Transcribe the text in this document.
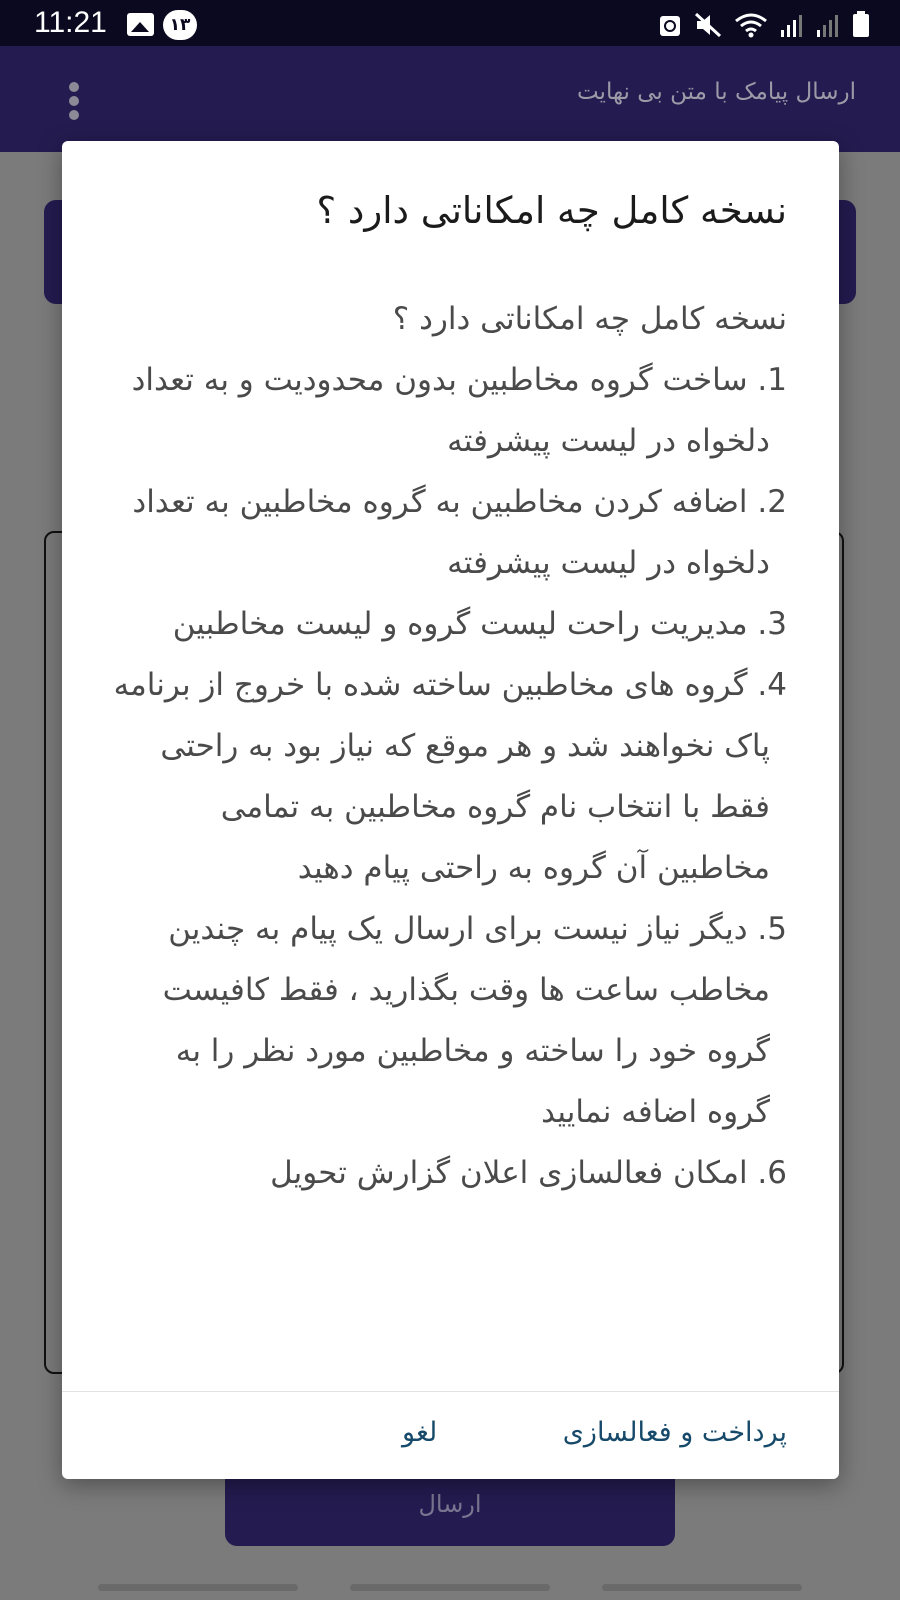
11:21	١٣
ارسال پیامک با متن بی نهایت
ارسال
نسخه کامل چه امکاناتی دارد ؟

نسخه کامل چه امکاناتی دارد ؟

1. ساخت گروه مخاطبین بدون محدودیت و به تعداد دلخواه در لیست پیشرفته

2. اضافه کردن مخاطبین به گروه مخاطبین به تعداد دلخواه در لیست پیشرفته

3. مدیریت راحت لیست گروه و لیست مخاطبین

4. گروه های مخاطبین ساخته شده با خروج از برنامه پاک نخواهند شد و هر موقع که نیاز بود به راحتی فقط با انتخاب نام گروه مخاطبین به تمامی مخاطبین آن گروه به راحتی پیام دهید

5. دیگر نیاز نیست برای ارسال یک پیام به چندین مخاطب ساعت ها وقت بگذارید ، فقط کافیست گروه خود را ساخته و مخاطبین مورد نظر را به گروه اضافه نمایید

6. امکان فعالسازی اعلان گزارش تحویل

پرداخت و فعالسازی
لغو
